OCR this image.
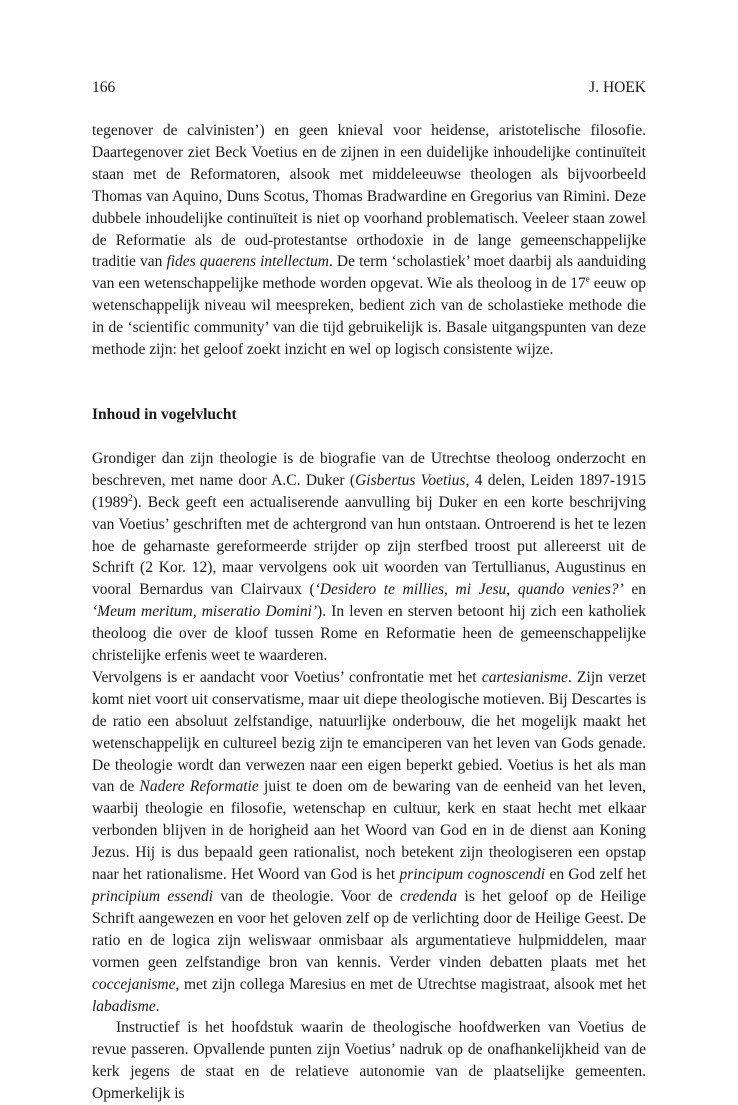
166	J. HOEK

tegenover de calvinisten’) en geen knieval voor heidense, aristotelische filosofie. Daartegenover ziet Beck Voetius en de zijnen in een duidelijke inhoudelijke continuïteit staan met de Reformatoren, alsook met middeleeuwse theologen als bijvoorbeeld Thomas van Aquino, Duns Scotus, Thomas Bradwardine en Gregorius van Rimini. Deze dubbele inhoudelijke continuïteit is niet op voorhand problematisch. Veeleer staan zowel de Reformatie als de oud-protestantse orthodoxie in de lange gemeenschappelijke traditie van fides quaerens intellectum. De term ‘scholastiek’ moet daarbij als aanduiding van een wetenschappelijke methode worden opgevat. Wie als theoloog in de 17e eeuw op wetenschappelijk niveau wil meespreken, bedient zich van de scholastieke methode die in de ‘scientific community’ van die tijd gebruikelijk is. Basale uitgangspunten van deze methode zijn: het geloof zoekt inzicht en wel op logisch consistente wijze.

Inhoud in vogelvlucht

Grondiger dan zijn theologie is de biografie van de Utrechtse theoloog onderzocht en beschreven, met name door A.C. Duker (Gisbertus Voetius, 4 delen, Leiden 1897-1915 (1989$^2$). Beck geeft een actualiserende aanvulling bij Duker en een korte beschrijving van Voetius’ geschriften met de achtergrond van hun ontstaan. Ontroerend is het te lezen hoe de geharnaste gereformeerde strijder op zijn sterfbed troost put allereerst uit de Schrift (2 Kor. 12), maar vervolgens ook uit woorden van Tertullianus, Augustinus en vooral Bernardus van Clairvaux (‘Desidero te millies, mi Jesu, quando venies?’ en ‘Meum meritum, miseratio Domini’). In leven en sterven betoont hij zich een katholiek theoloog die over de kloof tussen Rome en Reformatie heen de gemeenschappelijke christelijke erfenis weet te waarderen.

Vervolgens is er aandacht voor Voetius’ confrontatie met het cartesianisme. Zijn verzet komt niet voort uit conservatisme, maar uit diepe theologische motieven. Bij Descartes is de ratio een absoluut zelfstandige, natuurlijke onderbouw, die het mogelijk maakt het wetenschappelijk en cultureel bezig zijn te emanciperen van het leven van Gods genade. De theologie wordt dan verwezen naar een eigen beperkt gebied. Voetius is het als man van de Nadere Reformatie juist te doen om de bewaring van de eenheid van het leven, waarbij theologie en filosofie, wetenschap en cultuur, kerk en staat hecht met elkaar verbonden blijven in de horigheid aan het Woord van God en in de dienst aan Koning Jezus. Hij is dus bepaald geen rationalist, noch betekent zijn theologiseren een opstap naar het rationalisme. Het Woord van God is het principum cognoscendi en God zelf het principium essendi van de theologie. Voor de credenda is het geloof op de Heilige Schrift aangewezen en voor het geloven zelf op de verlichting door de Heilige Geest. De ratio en de logica zijn weliswaar onmisbaar als argumentatieve hulpmiddelen, maar vormen geen zelfstandige bron van kennis. Verder vinden debatten plaats met het coccejanisme, met zijn collega Maresius en met de Utrechtse magistraat, alsook met het labadisme.

Instructief is het hoofdstuk waarin de theologische hoofdwerken van Voetius de revue passeren. Opvallende punten zijn Voetius’ nadruk op de onafhankelijkheid van de kerk jegens de staat en de relatieve autonomie van de plaatselijke gemeenten. Opmerkelijk is
